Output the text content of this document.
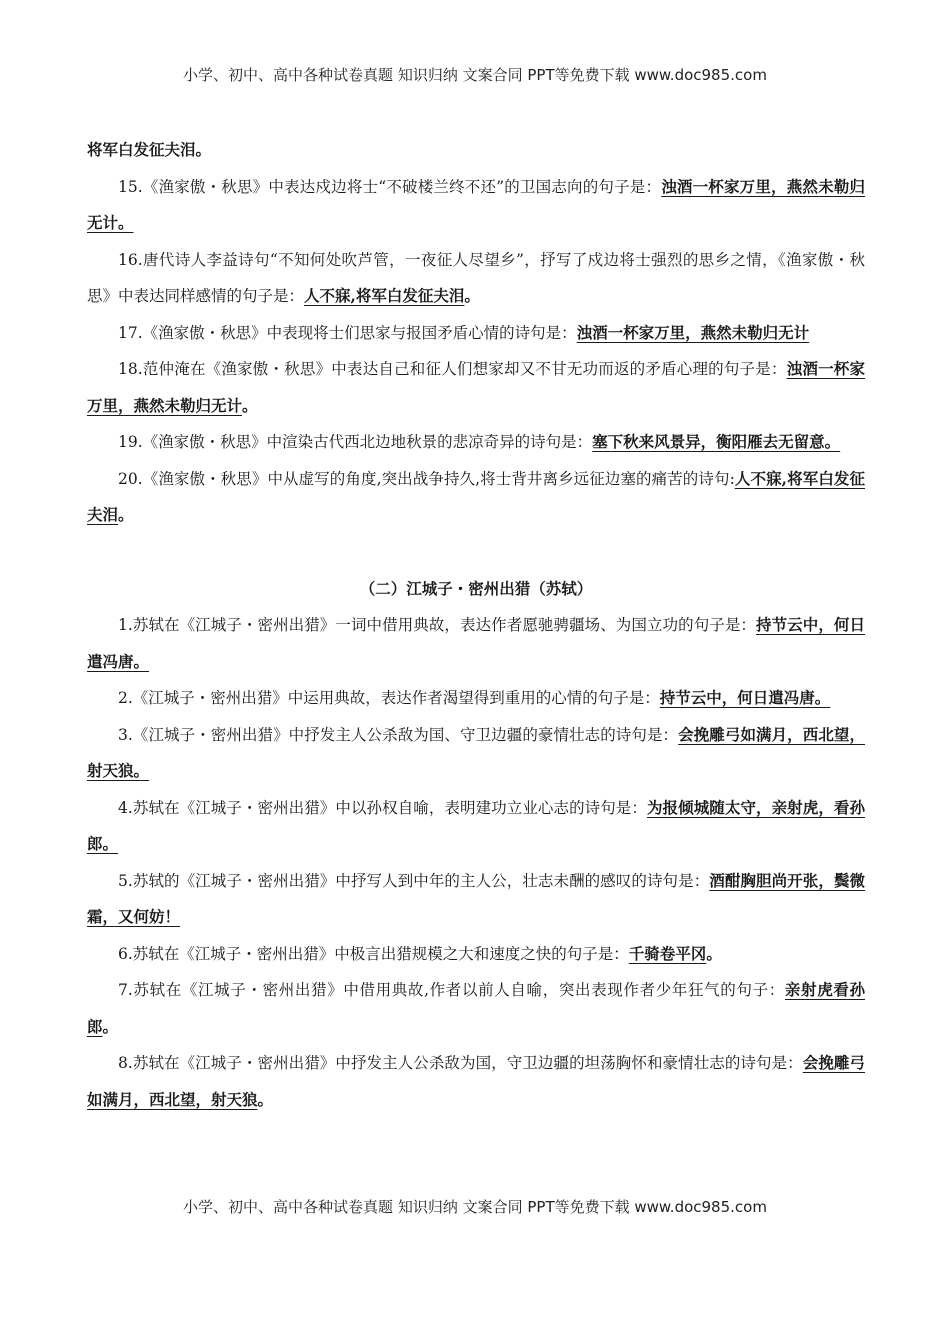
小学、初中、高中各种试卷真题 知识归纳 文案合同 PPT等免费下载 www.doc985.com

将军白发征夫泪。

15.《渔家傲・秋思》中表达戍边将士“不破楼兰终不还”的卫国志向的句子是：浊酒一杯家万里，燕然未勒归无计。

16.唐代诗人李益诗句“不知何处吹芦管，一夜征人尽望乡”，抒写了戍边将士强烈的思乡之情，《渔家傲・秋思》中表达同样感情的句子是：人不寐,将军白发征夫泪。

17.《渔家傲・秋思》中表现将士们思家与报国矛盾心情的诗句是：浊酒一杯家万里，燕然未勒归无计

18.范仲淹在《渔家傲・秋思》中表达自己和征人们想家却又不甘无功而返的矛盾心理的句子是：浊酒一杯家万里，燕然未勒归无计。

19.《渔家傲・秋思》中渲染古代西北边地秋景的悲凉奇异的诗句是：塞下秋来风景异，衡阳雁去无留意。

20.《渔家傲・秋思》中从虚写的角度,突出战争持久,将士背井离乡远征边塞的痛苦的诗句:人不寐,将军白发征夫泪。

（二）江城子・密州出猎（苏轼）

1.苏轼在《江城子・密州出猎》一词中借用典故，表达作者愿驰骋疆场、为国立功的句子是：持节云中，何日遣冯唐。

2.《江城子・密州出猎》中运用典故，表达作者渴望得到重用的心情的句子是：持节云中，何日遣冯唐。

3.《江城子・密州出猎》中抒发主人公杀敌为国、守卫边疆的豪情壮志的诗句是：会挽雕弓如满月，西北望，射天狼。

4.苏轼在《江城子・密州出猎》中以孙权自喻，表明建功立业心志的诗句是：为报倾城随太守，亲射虎，看孙郎。

5.苏轼的《江城子・密州出猎》中抒写人到中年的主人公，壮志未酬的感叹的诗句是：酒酣胸胆尚开张，鬓微霜，又何妨！

6.苏轼在《江城子・密州出猎》中极言出猎规模之大和速度之快的句子是：千骑卷平冈。

7.苏轼在《江城子・密州出猎》中借用典故,作者以前人自喻，突出表现作者少年狂气的句子：亲射虎看孙郎。

8.苏轼在《江城子・密州出猎》中抒发主人公杀敌为国，守卫边疆的坦荡胸怀和豪情壮志的诗句是：会挽雕弓如满月，西北望，射天狼。

小学、初中、高中各种试卷真题 知识归纳 文案合同 PPT等免费下载 www.doc985.com
